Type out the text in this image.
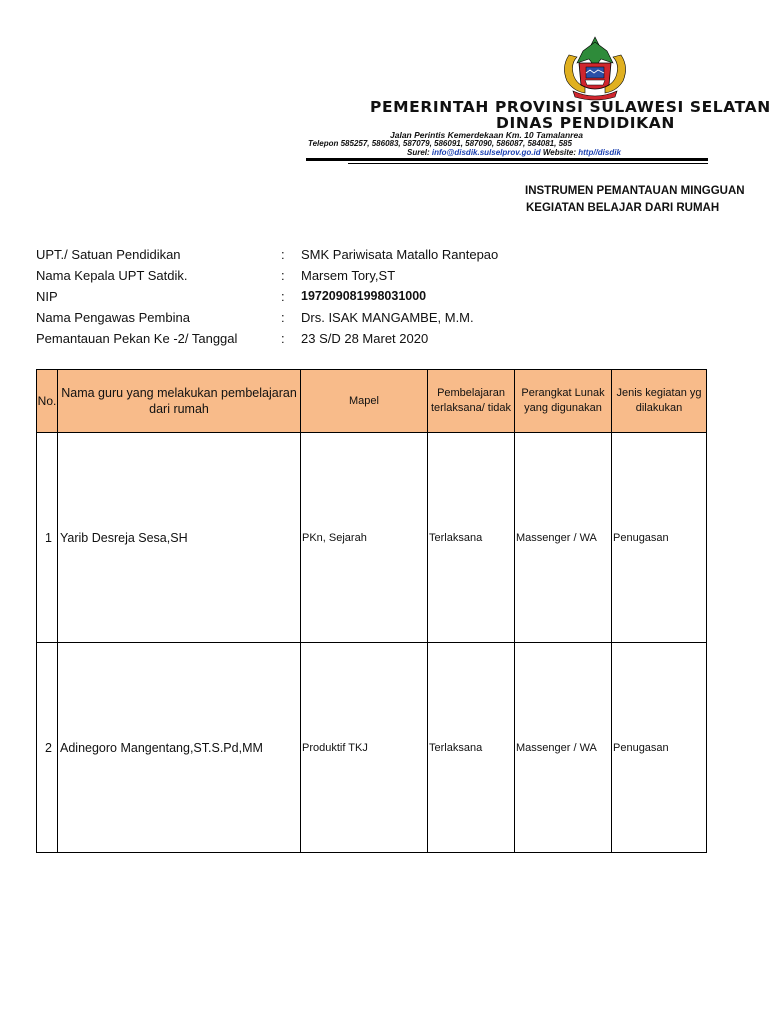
PEMERINTAH PROVINSI SULAWESI SELATAN
DINAS PENDIDIKAN
Jalan Perintis Kemerdekaan Km. 10 Tamalanrea
Telepon 585257, 586083, 587079, 586091, 587090, 586087, 584081, 585
Surel: info@disdik.sulselprov.go.id Website: http//disdik
INSTRUMEN PEMANTAUAN MINGGUAN
KEGIATAN BELAJAR DARI RUMAH
UPT./ Satuan Pendidikan	: SMK Pariwisata Matallo Rantepao
Nama Kepala UPT Satdik.	: Marsem Tory,ST
NIP	: 197209081998031000
Nama Pengawas Pembina	: Drs. ISAK MANGAMBE, M.M.
Pemantauan Pekan Ke -2/ Tanggal	: 23 S/D 28 Maret 2020
No.	Nama guru yang melakukan pembelajaran dari rumah	Mapel	Pembelajaran terlaksana/ tidak	Perangkat Lunak yang digunakan	Jenis kegiatan yg dilakukan
1	Yarib Desreja Sesa,SH	PKn, Sejarah	Terlaksana	Massenger / WA	Penugasan
2	Adinegoro Mangentang,ST.S.Pd,MM	Produktif TKJ	Terlaksana	Massenger / WA	Penugasan
